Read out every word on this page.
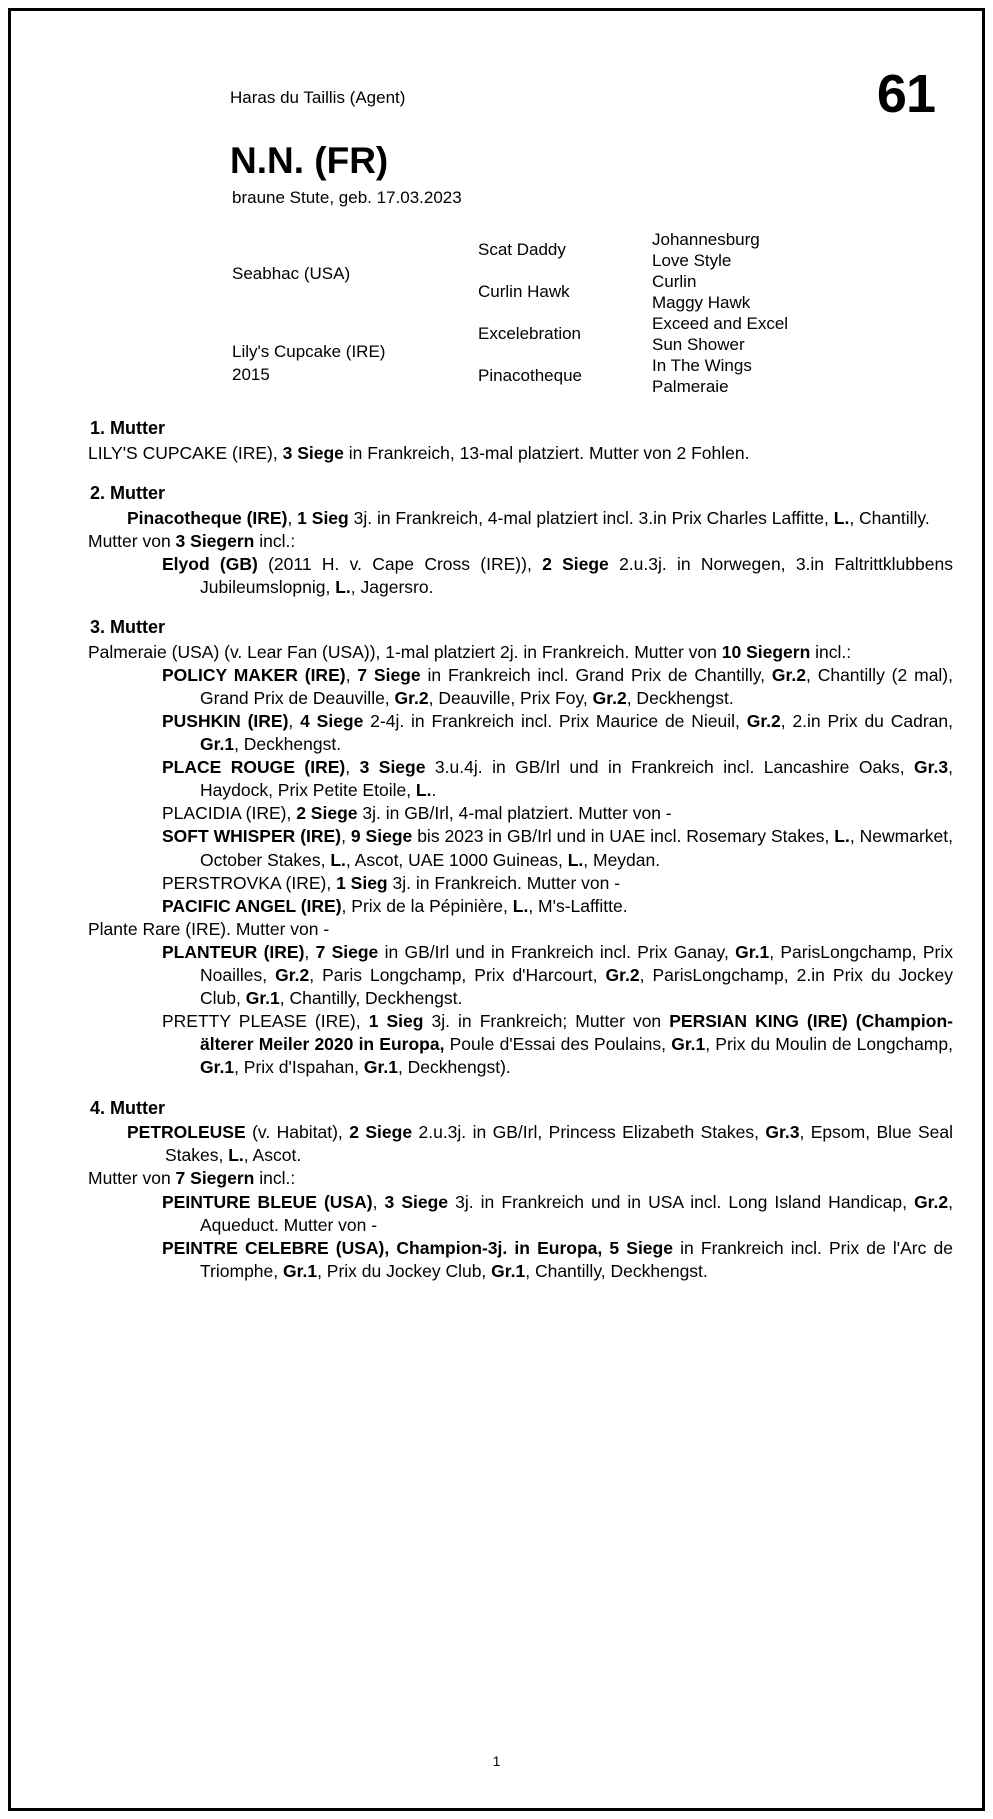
Haras du Taillis (Agent)	61
N.N. (FR)
braune Stute, geb. 17.03.2023
Seabhac (USA)
Lily's Cupcake (IRE)
2015
Scat Daddy
Curlin Hawk
Excelebration
Pinacotheque
Johannesburg
Love Style
Curlin
Maggy Hawk
Exceed and Excel
Sun Shower
In The Wings
Palmeraie
1. Mutter
LILY'S CUPCAKE (IRE), 3 Siege in Frankreich, 13-mal platziert. Mutter von 2 Fohlen.
2. Mutter
Pinacotheque (IRE), 1 Sieg 3j. in Frankreich, 4-mal platziert incl. 3.in Prix Charles Laffitte, L., Chantilly.
Mutter von 3 Siegern incl.:
Elyod (GB) (2011 H. v. Cape Cross (IRE)), 2 Siege 2.u.3j. in Norwegen, 3.in Faltrittklubbens Jubileumslopnig, L., Jagersro.
3. Mutter
Palmeraie (USA) (v. Lear Fan (USA)), 1-mal platziert 2j. in Frankreich. Mutter von 10 Siegern incl.:
POLICY MAKER (IRE), 7 Siege in Frankreich incl. Grand Prix de Chantilly, Gr.2, Chantilly (2 mal), Grand Prix de Deauville, Gr.2, Deauville, Prix Foy, Gr.2, Deckhengst.
PUSHKIN (IRE), 4 Siege 2-4j. in Frankreich incl. Prix Maurice de Nieuil, Gr.2, 2.in Prix du Cadran, Gr.1, Deckhengst.
PLACE ROUGE (IRE), 3 Siege 3.u.4j. in GB/Irl und in Frankreich incl. Lancashire Oaks, Gr.3, Haydock, Prix Petite Etoile, L..
PLACIDIA (IRE), 2 Siege 3j. in GB/Irl, 4-mal platziert. Mutter von -
SOFT WHISPER (IRE), 9 Siege bis 2023 in GB/Irl und in UAE incl. Rosemary Stakes, L., Newmarket, October Stakes, L., Ascot, UAE 1000 Guineas, L., Meydan.
PERSTROVKA (IRE), 1 Sieg 3j. in Frankreich. Mutter von -
PACIFIC ANGEL (IRE), Prix de la Pépinière, L., M's-Laffitte.
Plante Rare (IRE). Mutter von -
PLANTEUR (IRE), 7 Siege in GB/Irl und in Frankreich incl. Prix Ganay, Gr.1, ParisLongchamp, Prix Noailles, Gr.2, Paris Longchamp, Prix d'Harcourt, Gr.2, ParisLongchamp, 2.in Prix du Jockey Club, Gr.1, Chantilly, Deckhengst.
PRETTY PLEASE (IRE), 1 Sieg 3j. in Frankreich; Mutter von PERSIAN KING (IRE) (Champion-älterer Meiler 2020 in Europa, Poule d'Essai des Poulains, Gr.1, Prix du Moulin de Longchamp, Gr.1, Prix d'Ispahan, Gr.1, Deckhengst).
4. Mutter
PETROLEUSE (v. Habitat), 2 Siege 2.u.3j. in GB/Irl, Princess Elizabeth Stakes, Gr.3, Epsom, Blue Seal Stakes, L., Ascot.
Mutter von 7 Siegern incl.:
PEINTURE BLEUE (USA), 3 Siege 3j. in Frankreich und in USA incl. Long Island Handicap, Gr.2, Aqueduct. Mutter von -
PEINTRE CELEBRE (USA), Champion-3j. in Europa, 5 Siege in Frankreich incl. Prix de l'Arc de Triomphe, Gr.1, Prix du Jockey Club, Gr.1, Chantilly, Deckhengst.
1
